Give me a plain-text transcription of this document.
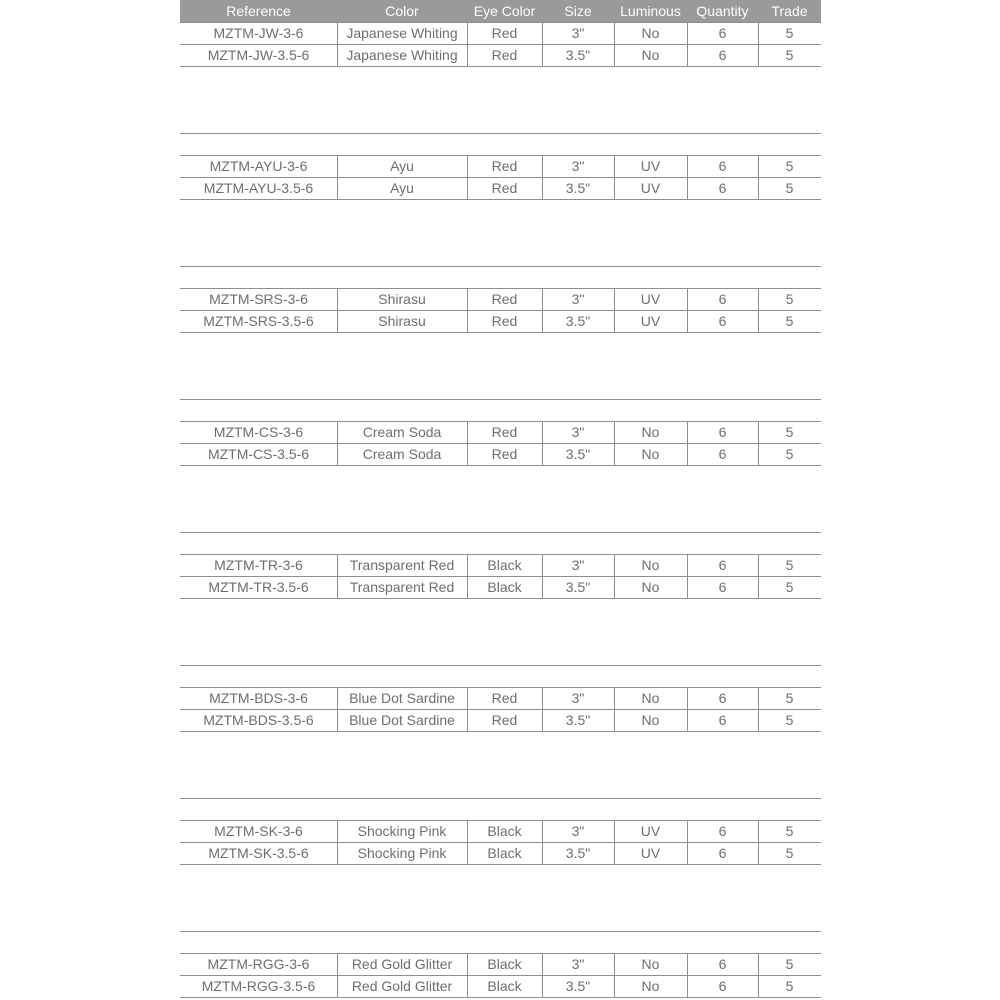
Reference	Color	Eye Color	Size	Luminous	Quantity	Trade
MZTM-JW-3-6	Japanese Whiting	Red	3"	No	6	5
MZTM-JW-3.5-6	Japanese Whiting	Red	3.5"	No	6	5
MZTM-AYU-3-6	Ayu	Red	3"	UV	6	5
MZTM-AYU-3.5-6	Ayu	Red	3.5"	UV	6	5
MZTM-SRS-3-6	Shirasu	Red	3"	UV	6	5
MZTM-SRS-3.5-6	Shirasu	Red	3.5"	UV	6	5
MZTM-CS-3-6	Cream Soda	Red	3"	No	6	5
MZTM-CS-3.5-6	Cream Soda	Red	3.5"	No	6	5
MZTM-TR-3-6	Transparent Red	Black	3"	No	6	5
MZTM-TR-3.5-6	Transparent Red	Black	3.5"	No	6	5
MZTM-BDS-3-6	Blue Dot Sardine	Red	3"	No	6	5
MZTM-BDS-3.5-6	Blue Dot Sardine	Red	3.5"	No	6	5
MZTM-SK-3-6	Shocking Pink	Black	3"	UV	6	5
MZTM-SK-3.5-6	Shocking Pink	Black	3.5"	UV	6	5
MZTM-RGG-3-6	Red Gold Glitter	Black	3"	No	6	5
MZTM-RGG-3.5-6	Red Gold Glitter	Black	3.5"	No	6	5
